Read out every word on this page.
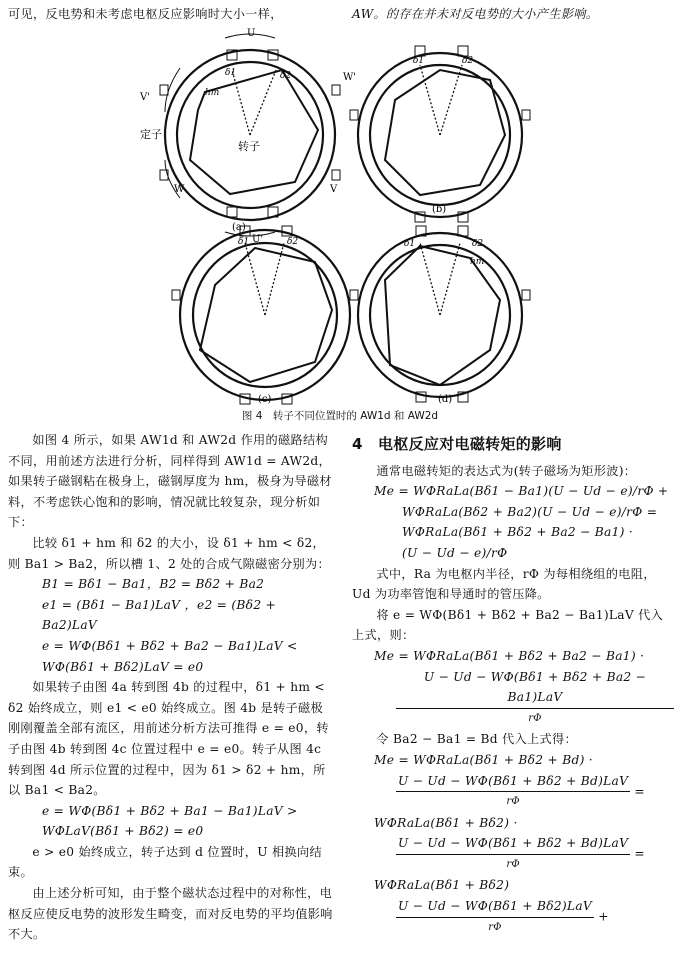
可见，反电势和未考虑电枢反应影响时大小一样，	AW。的存在并未对反电势的大小产生影响。
U
U'
V'
W'
V
W
定子
转子
hm
δ1	δ2
(a)
δ1	δ2
(b)
δ1	δ2
(c)
δ1	δ2
hm
(d)
图 4　转子不同位置时的 AW1d 和 AW2d

如图 4 所示，如果 AW1d 和 AW2d 作用的磁路结构不同，用前述方法进行分析，同样得到 AW1d = AW2d，如果转子磁钢粘在极身上，磁钢厚度为 hm，极身为导磁材料，不考虑铁心饱和的影响，情况就比较复杂，现分析如下：

比较 δ1 + hm 和 δ2 的大小，设 δ1 + hm < δ2，则 Ba1 > Ba2，所以槽 1、2 处的合成气隙磁密分别为：

B1 = Bδ1 − Ba1，B2 = Bδ2 + Ba2

e1 = (Bδ1 − Ba1)LaV ，e2 = (Bδ2 + Ba2)LaV

e = WΦ(Bδ1 + Bδ2 + Ba2 − Ba1)LaV <

WΦ(Bδ1 + Bδ2)LaV = e0

如果转子由图 4a 转到图 4b 的过程中，δ1 + hm < δ2 始终成立，则 e1 < e0 始终成立。图 4b 是转子磁极刚刚覆盖全部有流区，用前述分析方法可推得 e = e0，转子由图 4b 转到图 4c 位置过程中 e = e0。转子从图 4c 转到图 4d 所示位置的过程中，因为 δ1 > δ2 + hm，所以 Ba1 < Ba2。

e = WΦ(Bδ1 + Bδ2 + Ba1 − Ba1)LaV >

WΦLaV(Bδ1 + Bδ2) = e0

e > e0 始终成立，转子达到 d 位置时，U 相换向结束。

由上述分析可知，由于整个磁状态过程中的对称性，电枢反应使反电势的波形发生畸变，而对反电势的平均值影响不大。

4　电枢反应对电磁转矩的影响

通常电磁转矩的表达式为(转子磁场为矩形波)：

Me = WΦRaLa(Bδ1 − Ba1)(U − Ud − e)/rΦ +

WΦRaLa(Bδ2 + Ba2)(U − Ud − e)/rΦ =

WΦRaLa(Bδ1 + Bδ2 + Ba2 − Ba1) ·

(U − Ud − e)/rΦ

式中，Ra 为电枢内半径，rΦ 为每相绕组的电阻，Ud 为功率管饱和导通时的管压降。

将 e = WΦ(Bδ1 + Bδ2 + Ba2 − Ba1)LaV 代入上式，则：

Me = WΦRaLa(Bδ1 + Bδ2 + Ba2 − Ba1) ·

$\frac{\text{U − Ud − WΦ(Bδ1 + Bδ2 + Ba2 − Ba1)LaV}}{r\Phi}$

令 Ba2 − Ba1 = Bd 代入上式得：

Me = WΦRaLa(Bδ1 + Bδ2 + Bd) ·

$\frac{\text{U − Ud − WΦ(Bδ1 + Bδ2 + Bd)LaV}}{r\Phi}$ =

WΦRaLa(Bδ1 + Bδ2) ·

$\frac{\text{U − Ud − WΦ(Bδ1 + Bδ2 + Bd)LaV}}{r\Phi}$ =

WΦRaLa(Bδ1 + Bδ2)

$\frac{\text{U − Ud − WΦ(Bδ1 + Bδ2)LaV}}{r\Phi}$ +
